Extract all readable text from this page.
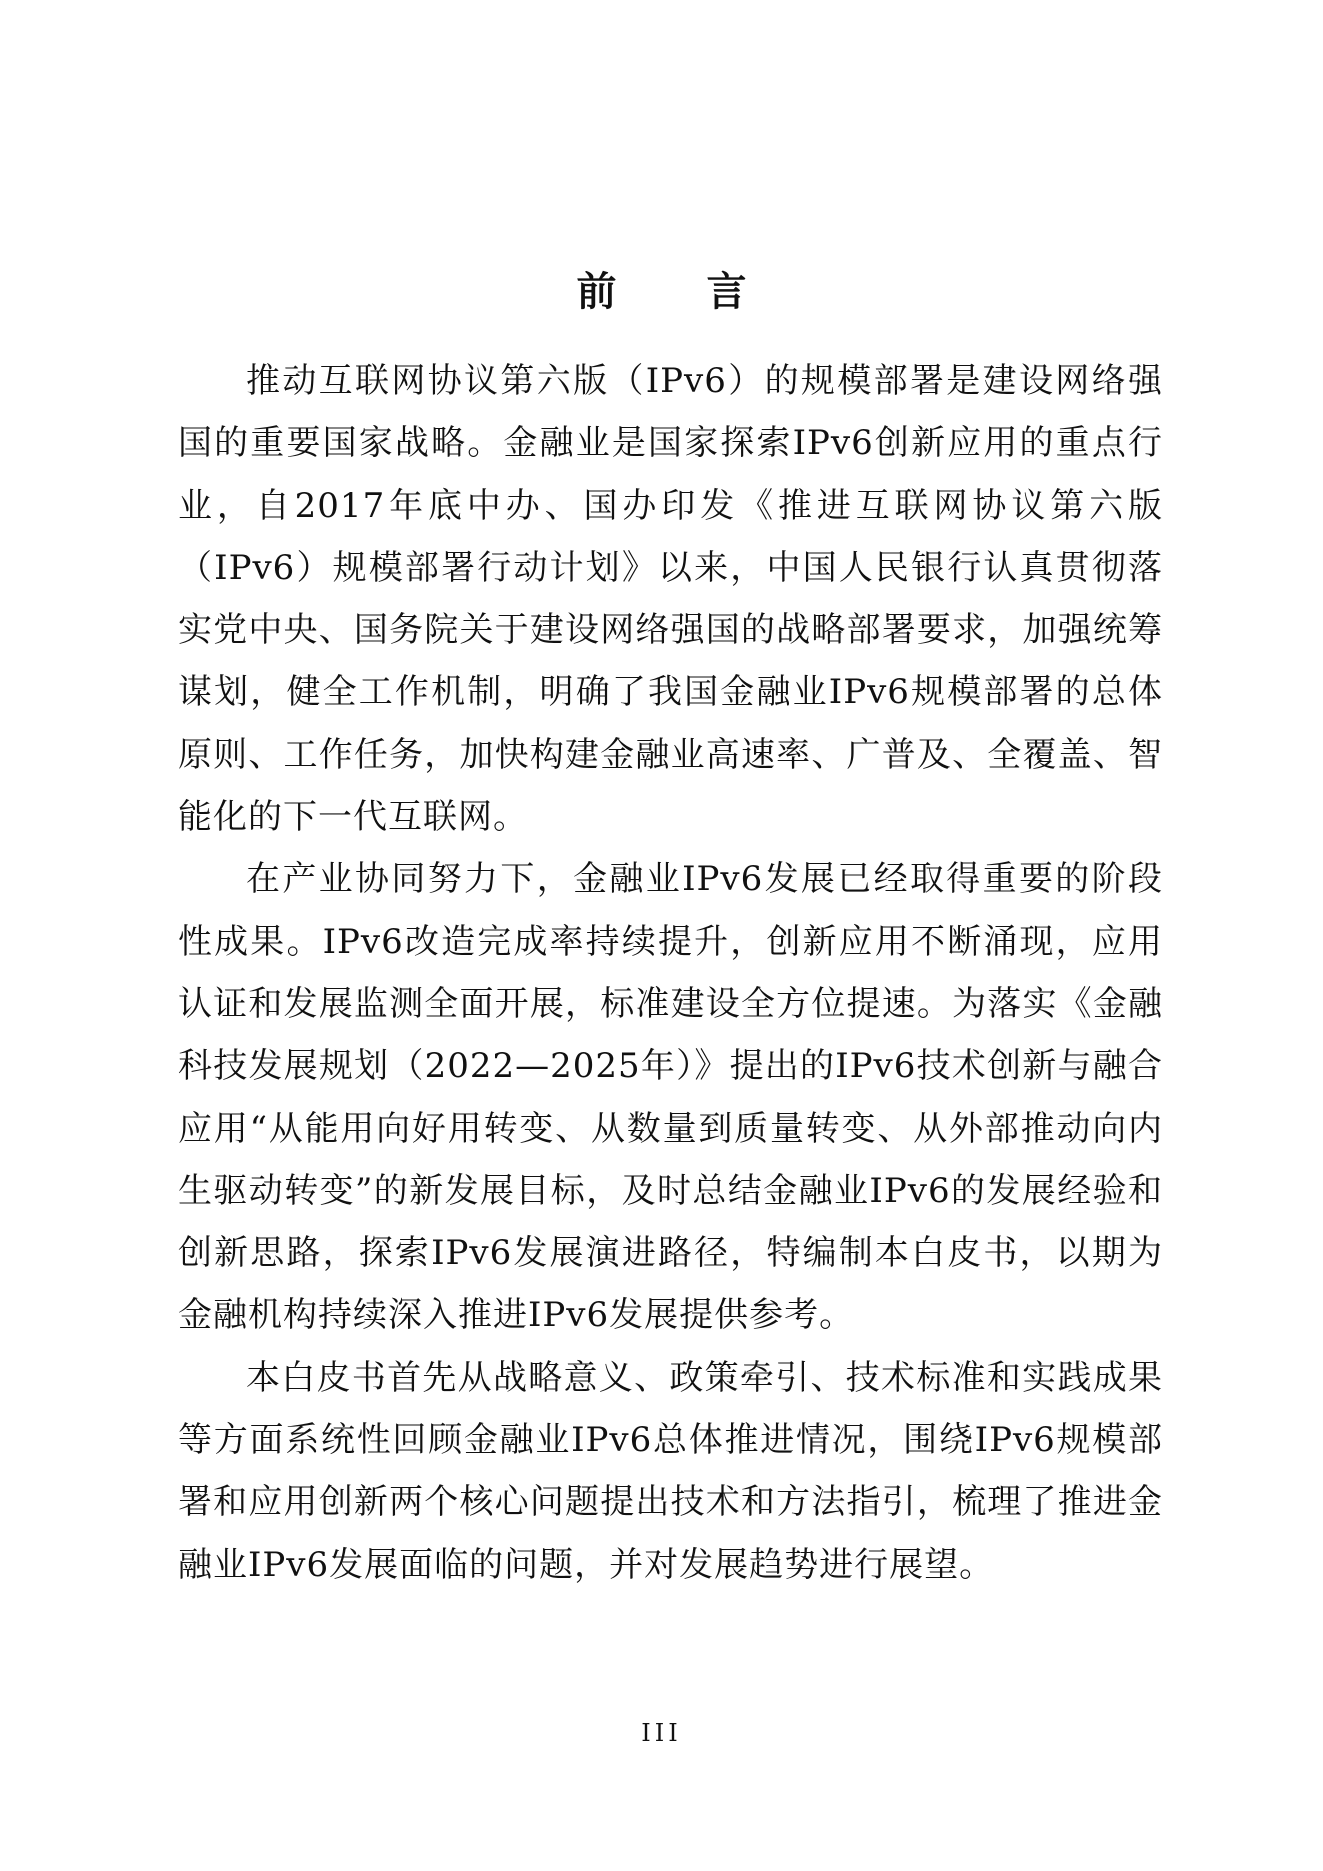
前 言

推动互联网协议第六版（IPv6）的规模部署是建设网络强国的重要国家战略。金融业是国家探索IPv6创新应用的重点行业，自2017年底中办、国办印发《推进互联网协议第六版（IPv6）规模部署行动计划》以来，中国人民银行认真贯彻落实党中央、国务院关于建设网络强国的战略部署要求，加强统筹谋划，健全工作机制，明确了我国金融业IPv6规模部署的总体原则、工作任务，加快构建金融业高速率、广普及、全覆盖、智能化的下一代互联网。

在产业协同努力下，金融业IPv6发展已经取得重要的阶段性成果。IPv6改造完成率持续提升，创新应用不断涌现，应用认证和发展监测全面开展，标准建设全方位提速。为落实《金融科技发展规划（2022—2025年）》提出的IPv6技术创新与融合应用“从能用向好用转变、从数量到质量转变、从外部推动向内生驱动转变”的新发展目标，及时总结金融业IPv6的发展经验和创新思路，探索IPv6发展演进路径，特编制本白皮书，以期为金融机构持续深入推进IPv6发展提供参考。

本白皮书首先从战略意义、政策牵引、技术标准和实践成果等方面系统性回顾金融业IPv6总体推进情况，围绕IPv6规模部署和应用创新两个核心问题提出技术和方法指引，梳理了推进金融业IPv6发展面临的问题，并对发展趋势进行展望。

III
